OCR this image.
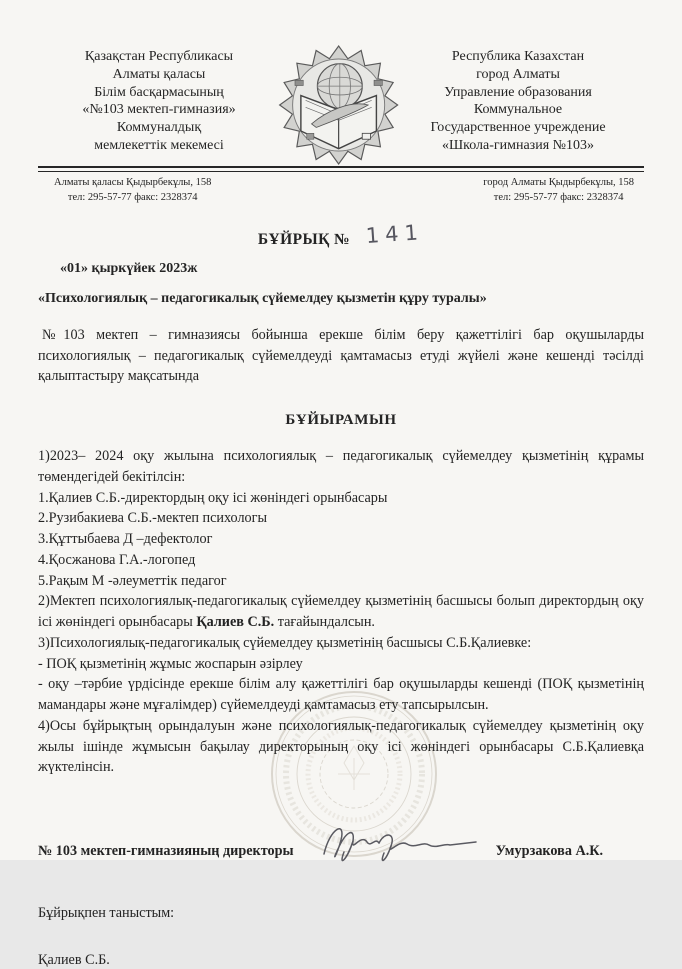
Қазақстан Республикасы
Алматы қаласы
Білім басқармасының
«№103 мектеп-гимназия»
Коммуналдық
мемлекеттік мекемесі
Республика Казахстан
город Алматы
Управление образования
Коммунальное
Государственное учреждение
«Школа-гимназия №103»
Алматы қаласы Қыдырбекұлы, 158
тел: 295-57-77 факс: 2328374
город Алматы Қыдырбекұлы, 158
тел: 295-57-77 факс: 2328374
БҰЙРЫҚ № 141
«01» қыркүйек 2023ж
«Психологиялық – педагогикалық сүйемелдеу қызметін құру туралы»

№103 мектеп – гимназиясы бойынша ерекше білім беру қажеттілігі бар оқушыларды психологиялық – педагогикалық сүйемелдеуді қамтамасыз етуді жүйелі және кешенді тәсілді қалыптастыру мақсатында

БҰЙЫРАМЫН

1)2023– 2024 оқу жылына психологиялық – педагогикалық сүйемелдеу қызметінің құрамы төмендегідей бекітілсін:

1.Қалиев С.Б.-директордың оқу ісі жөніндегі орынбасары

2.Рузибакиева С.Б.-мектеп психологы

3.Құттыбаева Д –дефектолог

4.Қосжанова Г.А.-логопед

5.Рақым М -әлеуметтік педагог

2)Мектеп психологиялық-педагогикалық сүйемелдеу қызметінің басшысы болып директордың оқу ісі жөніндегі орынбасары Қалиев С.Б. тағайындалсын.

3)Психологиялық-педагогикалық сүйемелдеу қызметінің басшысы С.Б.Қалиевке:

- ПОҚ қызметінің жұмыс жоспарын әзірлеу

- оқу –тәрбие үрдісінде ерекше білім алу қажеттілігі бар оқушыларды кешенді (ПОҚ қызметінің мамандары және мұғалімдер) сүйемелдеуді қамтамасыз ету тапсырылсын.

4)Осы бұйрықтың орындалуын және психологиялық-педагогикалық сүйемелдеу қызметінің оқу жылы ішінде жұмысын бақылау директорының оқу ісі жөніндегі орынбасары С.Б.Қалиевқа жүктелінсін.

№ 103 мектеп-гимназияның директоры	Умурзакова А.К.
Бұйрықпен таныстым:
Қалиев С.Б.
